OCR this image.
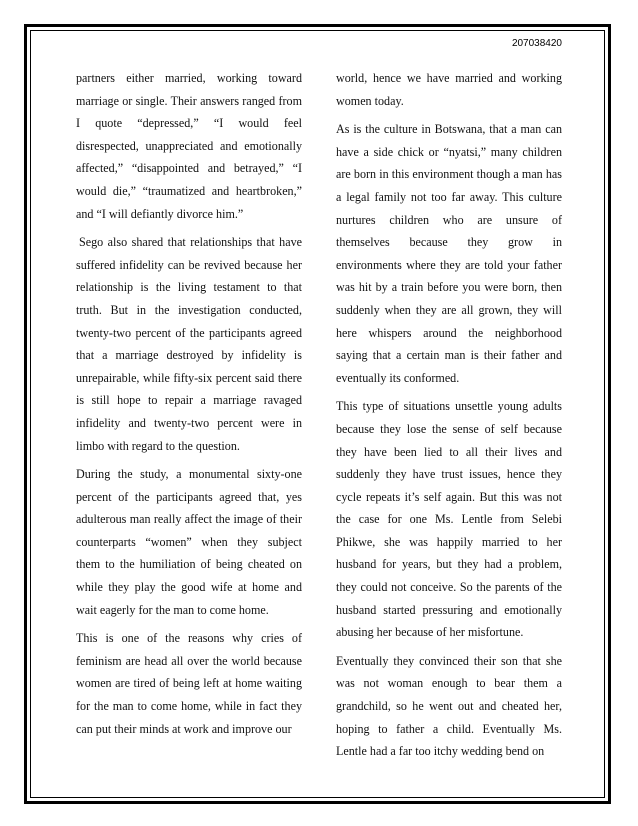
207038420

partners either married, working toward marriage or single. Their answers ranged from I quote “depressed,” “I would feel disrespected, unappreciated and emotionally affected,” “disappointed and betrayed,” “I would die,” “traumatized and heartbroken,” and “I will defiantly divorce him.”

Sego also shared that relationships that have suffered infidelity can be revived because her relationship is the living testament to that truth. But in the investigation conducted, twenty-two percent of the participants agreed that a marriage destroyed by infidelity is unrepairable, while fifty-six percent said there is still hope to repair a marriage ravaged infidelity and twenty-two percent were in limbo with regard to the question.

During the study, a monumental sixty-one percent of the participants agreed that, yes adulterous man really affect the image of their counterparts “women” when they subject them to the humiliation of being cheated on while they play the good wife at home and wait eagerly for the man to come home.

This is one of the reasons why cries of feminism are head all over the world because women are tired of being left at home waiting for the man to come home, while in fact they can put their minds at work and improve our

world, hence we have married and working women today.

As is the culture in Botswana, that a man can have a side chick or “nyatsi,” many children are born in this environment though a man has a legal family not too far away. This culture nurtures children who are unsure of themselves because they grow in environments where they are told your father was hit by a train before you were born, then suddenly when they are all grown, they will here whispers around the neighborhood saying that a certain man is their father and eventually its conformed.

This type of situations unsettle young adults because they lose the sense of self because they have been lied to all their lives and suddenly they have trust issues, hence they cycle repeats it’s self again. But this was not the case for one Ms. Lentle from Selebi Phikwe, she was happily married to her husband for years, but they had a problem, they could not conceive. So the parents of the husband started pressuring and emotionally abusing her because of her misfortune.

Eventually they convinced their son that she was not woman enough to bear them a grandchild, so he went out and cheated her, hoping to father a child. Eventually Ms. Lentle had a far too itchy wedding bend on
